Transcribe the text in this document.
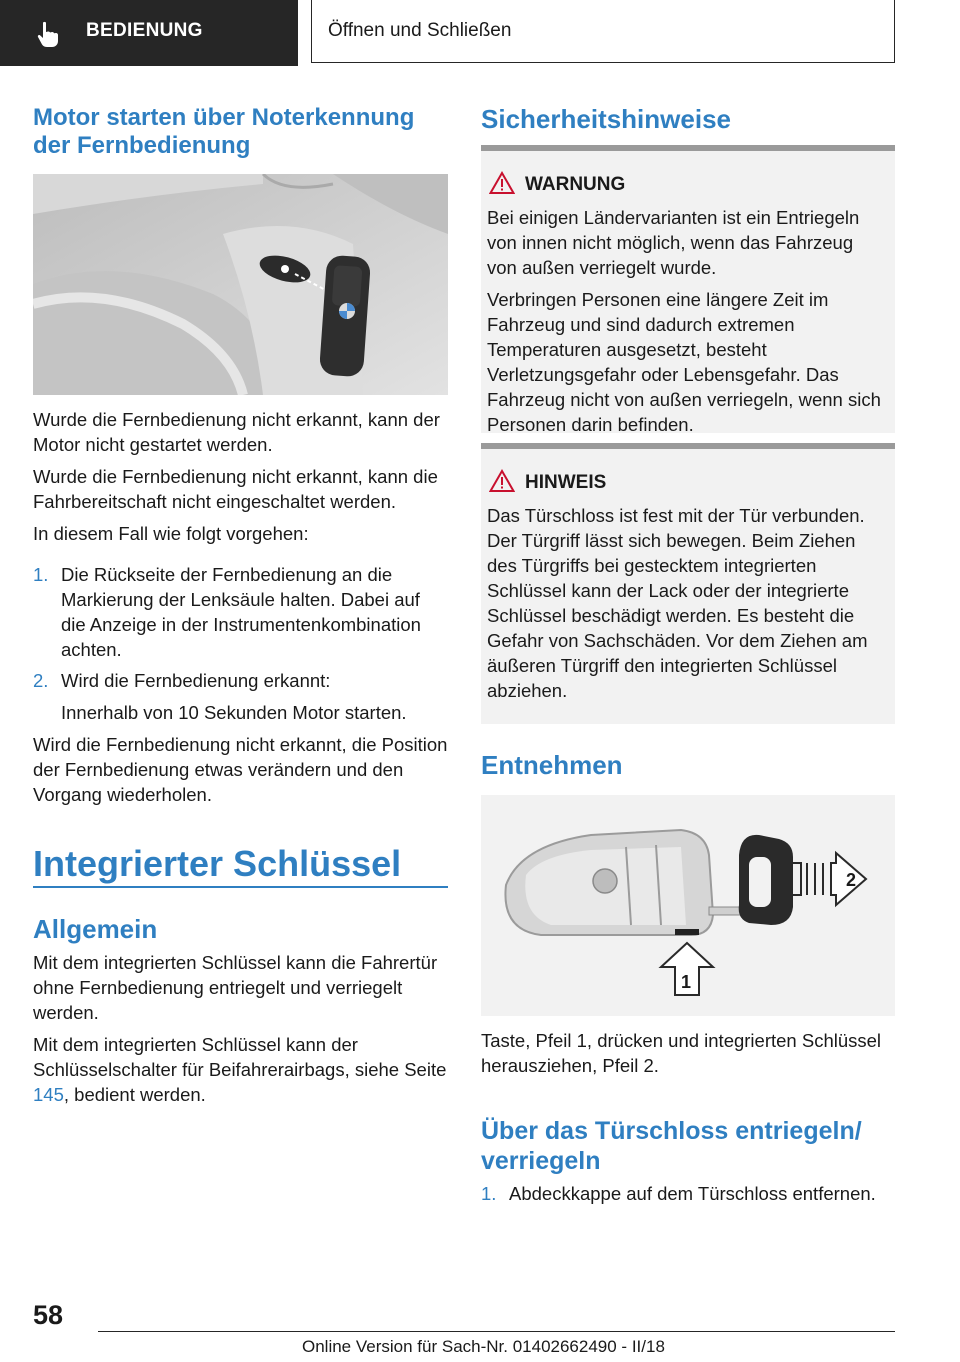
BEDIENUNG	Öffnen und Schließen
Motor starten über Noterkennung der Fernbedienung

Wurde die Fernbedienung nicht erkannt, kann der Motor nicht gestartet werden.

Wurde die Fernbedienung nicht erkannt, kann die Fahrbereitschaft nicht eingeschaltet werden.

In diesem Fall wie folgt vorgehen:

1. Die Rückseite der Fernbedienung an die Markierung der Lenksäule halten. Dabei auf die Anzeige in der Instrumentenkombination achten.

2. Wird die Fernbedienung erkannt:

Innerhalb von 10 Sekunden Motor starten.

Wird die Fernbedienung nicht erkannt, die Position der Fernbedienung etwas verändern und den Vorgang wiederholen.

Integrierter Schlüssel
Allgemein

Mit dem integrierten Schlüssel kann die Fahrertür ohne Fernbedienung entriegelt und verriegelt werden.

Mit dem integrierten Schlüssel kann der Schlüsselschalter für Beifahrerairbags, siehe Seite 145, bedient werden.

Sicherheitshinweise
WARNUNG

Bei einigen Ländervarianten ist ein Entriegeln von innen nicht möglich, wenn das Fahrzeug von außen verriegelt wurde.

Verbringen Personen eine längere Zeit im Fahrzeug und sind dadurch extremen Temperaturen ausgesetzt, besteht Verletzungsgefahr oder Lebensgefahr. Das Fahrzeug nicht von außen verriegeln, wenn sich Personen darin befinden.

HINWEIS

Das Türschloss ist fest mit der Tür verbunden. Der Türgriff lässt sich bewegen. Beim Ziehen des Türgriffs bei gestecktem integrierten Schlüssel kann der Lack oder der integrierte Schlüssel beschädigt werden. Es besteht die Gefahr von Sachschäden. Vor dem Ziehen am äußeren Türgriff den integrierten Schlüssel abziehen.

Entnehmen
2
1

Taste, Pfeil 1, drücken und integrierten Schlüssel herausziehen, Pfeil 2.

Über das Türschloss entriegeln/ verriegeln
1. Abdeckkappe auf dem Türschloss entfernen.

58
Online Version für Sach-Nr. 01402662490 - II/18
